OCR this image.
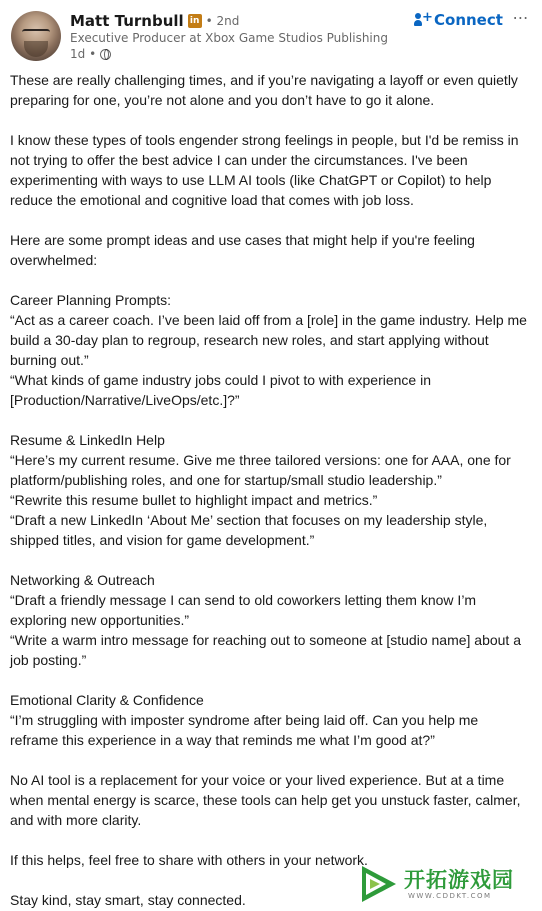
Matt Turnbull in • 2nd
Executive Producer at Xbox Game Studios Publishing
1d •
+ Connect ⋯

These are really challenging times, and if you’re navigating a layoff or even quietly

preparing for one, you’re not alone and you don’t have to go it alone.

I know these types of tools engender strong feelings in people, but I'd be remiss in

not trying to offer the best advice I can under the circumstances. I've been

experimenting with ways to use LLM AI tools (like ChatGPT or Copilot) to help

reduce the emotional and cognitive load that comes with job loss.

Here are some prompt ideas and use cases that might help if you're feeling

overwhelmed:

Career Planning Prompts:

“Act as a career coach. I’ve been laid off from a [role] in the game industry. Help me

build a 30-day plan to regroup, research new roles, and start applying without

burning out.”

“What kinds of game industry jobs could I pivot to with experience in

[Production/Narrative/LiveOps/etc.]?”

Resume & LinkedIn Help

“Here’s my current resume. Give me three tailored versions: one for AAA, one for

platform/publishing roles, and one for startup/small studio leadership.”

“Rewrite this resume bullet to highlight impact and metrics.”

“Draft a new LinkedIn ‘About Me’ section that focuses on my leadership style,

shipped titles, and vision for game development.”

Networking & Outreach

“Draft a friendly message I can send to old coworkers letting them know I’m

exploring new opportunities.”

“Write a warm intro message for reaching out to someone at [studio name] about a

job posting.”

Emotional Clarity & Confidence

“I’m struggling with imposter syndrome after being laid off. Can you help me

reframe this experience in a way that reminds me what I’m good at?”

No AI tool is a replacement for your voice or your lived experience. But at a time

when mental energy is scarce, these tools can help get you unstuck faster, calmer,

and with more clarity.

If this helps, feel free to share with others in your network.

Stay kind, stay smart, stay connected.

开拓游戏园
WWW.CDDKT.COM
